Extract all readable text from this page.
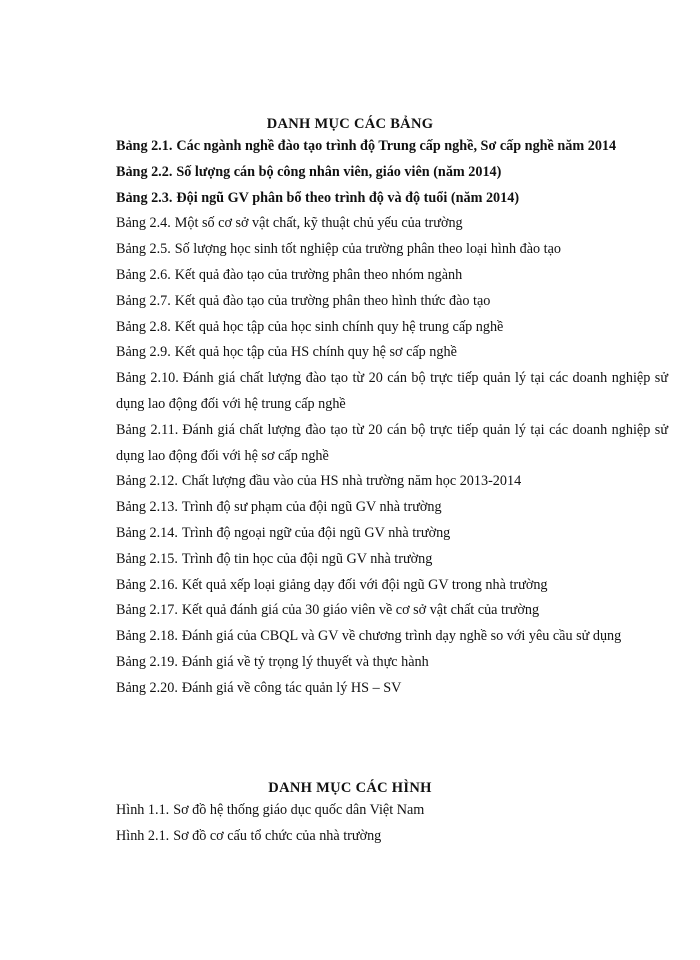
DANH MỤC CÁC BẢNG
Bảng 2.1. Các ngành nghề đào tạo trình độ Trung cấp nghề, Sơ cấp nghề năm 2014
Bảng 2.2. Số lượng cán bộ công nhân viên, giáo viên (năm 2014)
Bảng 2.3. Đội ngũ GV phân bổ theo trình độ và độ tuổi (năm 2014)
Bảng 2.4. Một số cơ sở vật chất, kỹ thuật chủ yếu của trường
Bảng 2.5. Số lượng học sinh tốt nghiệp của trường phân theo loại hình đào tạo
Bảng 2.6. Kết quả đào tạo của trường phân theo nhóm ngành
Bảng 2.7. Kết quả đào tạo của trường phân theo hình thức đào tạo
Bảng 2.8. Kết quả học tập của học sinh chính quy hệ trung cấp nghề
Bảng 2.9. Kết quả học tập của HS chính quy hệ sơ cấp nghề
Bảng 2.10. Đánh giá chất lượng đào tạo từ 20 cán bộ trực tiếp quản lý tại các doanh nghiệp sử dụng lao động đối với hệ trung cấp nghề
Bảng 2.11. Đánh giá chất lượng đào tạo từ 20 cán bộ trực tiếp quản lý tại các doanh nghiệp sử dụng lao động đối với hệ sơ cấp nghề
Bảng 2.12. Chất lượng đầu vào của HS nhà trường năm học 2013-2014
Bảng 2.13. Trình độ sư phạm của đội ngũ GV nhà trường
Bảng 2.14. Trình độ ngoại ngữ của đội ngũ GV nhà trường
Bảng 2.15. Trình độ tin học của đội ngũ GV nhà trường
Bảng 2.16. Kết quả xếp loại giảng dạy đối với đội ngũ GV trong nhà trường
Bảng 2.17. Kết quả đánh giá của 30 giáo viên về cơ sở vật chất của trường
Bảng 2.18. Đánh giá của CBQL và GV về chương trình dạy nghề so với yêu cầu sử dụng
Bảng 2.19. Đánh giá về tỷ trọng lý thuyết và thực hành
Bảng 2.20. Đánh giá về công tác quản lý HS – SV
DANH MỤC CÁC HÌNH
Hình 1.1. Sơ đồ hệ thống giáo dục quốc dân Việt Nam
Hình 2.1. Sơ đồ cơ cấu tổ chức của nhà trường
